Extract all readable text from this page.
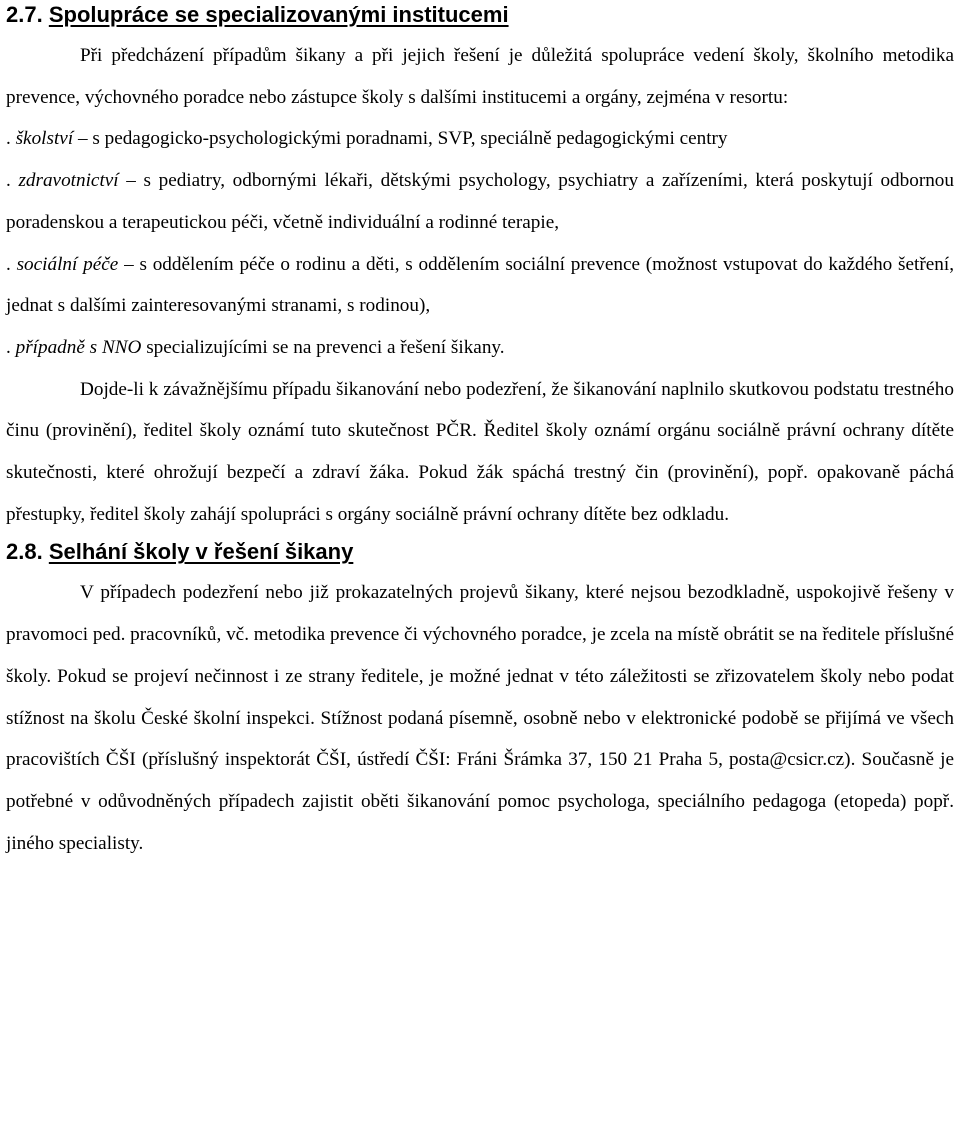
2.7. Spolupráce se specializovanými institucemi

Při předcházení případům šikany a při jejich řešení je důležitá spolupráce vedení školy, školního metodika prevence, výchovného poradce nebo zástupce školy s dalšími institucemi a orgány, zejména v resortu:

. školství – s pedagogicko-psychologickými poradnami, SVP, speciálně pedagogickými centry

. zdravotnictví – s pediatry, odbornými lékaři, dětskými psychology, psychiatry a zařízeními, která poskytují odbornou poradenskou a terapeutickou péči, včetně individuální a rodinné terapie,

. sociální péče – s oddělením péče o rodinu a děti, s oddělením sociální prevence (možnost vstupovat do každého šetření, jednat s dalšími zainteresovanými stranami, s rodinou),

. případně s NNO specializujícími se na prevenci a řešení šikany.

Dojde-li k závažnějšímu případu šikanování nebo podezření, že šikanování naplnilo skutkovou podstatu trestného činu (provinění), ředitel školy oznámí tuto skutečnost PČR. Ředitel školy oznámí orgánu sociálně právní ochrany dítěte skutečnosti, které ohrožují bezpečí a zdraví žáka. Pokud žák spáchá trestný čin (provinění), popř. opakovaně páchá přestupky, ředitel školy zahájí spolupráci s orgány sociálně právní ochrany dítěte bez odkladu.

2.8. Selhání školy v řešení šikany

V případech podezření nebo již prokazatelných projevů šikany, které nejsou bezodkladně, uspokojivě řešeny v pravomoci ped. pracovníků, vč. metodika prevence či výchovného poradce, je zcela na místě obrátit se na ředitele příslušné školy. Pokud se projeví nečinnost i ze strany ředitele, je možné jednat v této záležitosti se zřizovatelem školy nebo podat stížnost na školu České školní inspekci. Stížnost podaná písemně, osobně nebo v elektronické podobě se přijímá ve všech pracovištích ČŠI (příslušný inspektorát ČŠI, ústředí ČŠI: Fráni Šrámka 37, 150 21 Praha 5, posta@csicr.cz). Současně je potřebné v odůvodněných případech zajistit oběti šikanování pomoc psychologa, speciálního pedagoga (etopeda) popř. jiného specialisty.
